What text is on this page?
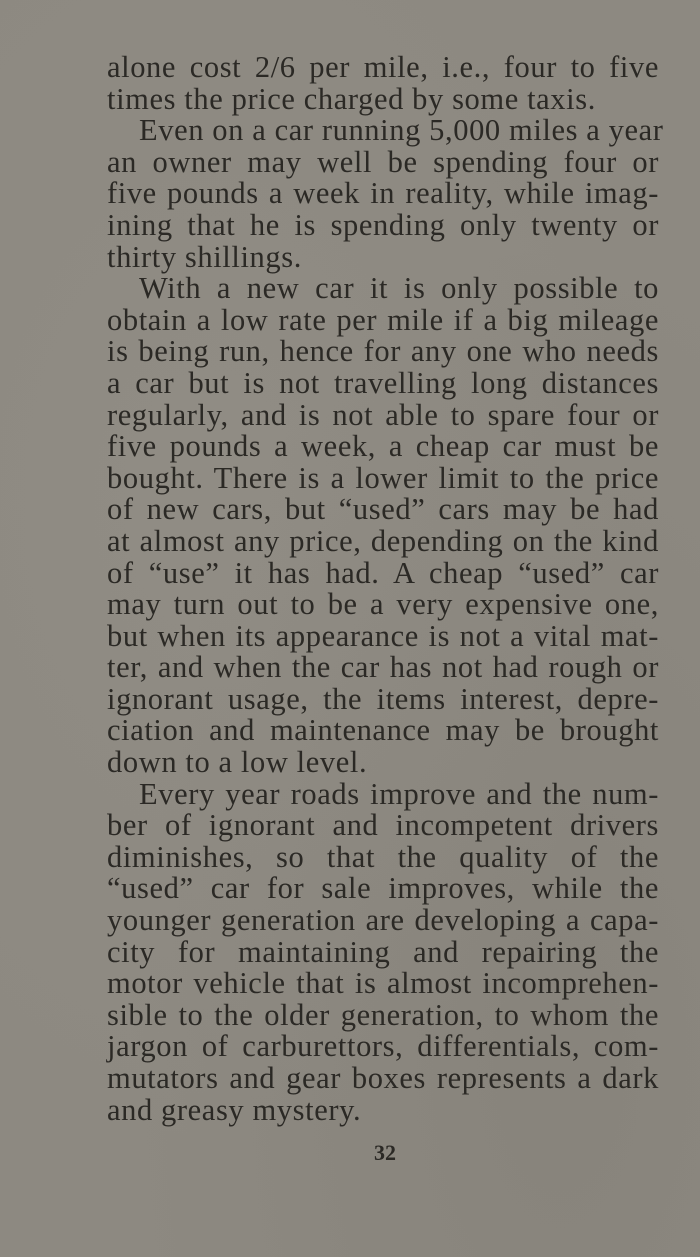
alone cost 2/6 per mile, i.e., four to five
times the price charged by some taxis.
Even on a car running 5,000 miles a year
an owner may well be spending four or
five pounds a week in reality, while imag-
ining that he is spending only twenty or
thirty shillings.
With a new car it is only possible to
obtain a low rate per mile if a big mileage
is being run, hence for any one who needs
a car but is not travelling long distances
regularly, and is not able to spare four or
five pounds a week, a cheap car must be
bought. There is a lower limit to the price
of new cars, but “used” cars may be had
at almost any price, depending on the kind
of “use” it has had. A cheap “used” car
may turn out to be a very expensive one,
but when its appearance is not a vital mat-
ter, and when the car has not had rough or
ignorant usage, the items interest, depre-
ciation and maintenance may be brought
down to a low level.
Every year roads improve and the num-
ber of ignorant and incompetent drivers
diminishes, so that the quality of the
“used” car for sale improves, while the
younger generation are developing a capa-
city for maintaining and repairing the
motor vehicle that is almost incomprehen-
sible to the older generation, to whom the
jargon of carburettors, differentials, com-
mutators and gear boxes represents a dark
and greasy mystery.
32
